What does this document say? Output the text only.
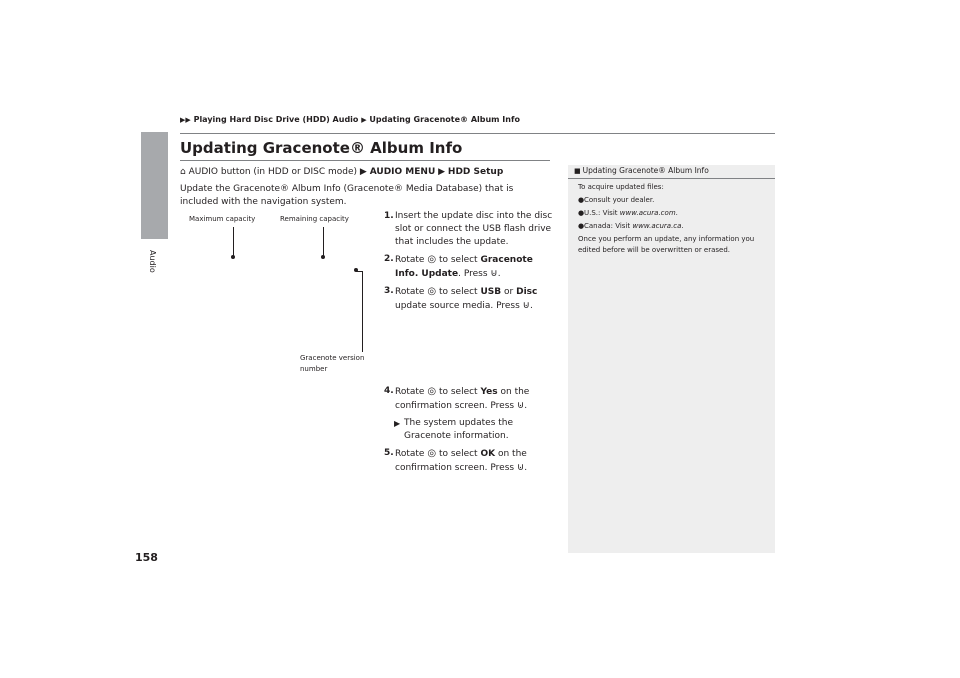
Audio
▶▶ Playing Hard Disc Drive (HDD) Audio ▶ Updating Gracenote® Album Info
Updating Gracenote® Album Info
⌂ AUDIO button (in HDD or DISC mode) ▶ AUDIO MENU ▶ HDD Setup
Update the Gracenote® Album Info (Gracenote® Media Database) that is included with the navigation system.
Maximum capacity	Remaining capacity
Gracenote version number
1. Insert the update disc into the disc slot or connect the USB flash drive that includes the update.
2. Rotate ◎ to select Gracenote Info. Update. Press ⊍.
3. Rotate ◎ to select USB or Disc update source media. Press ⊍.
4. Rotate ◎ to select Yes on the confirmation screen. Press ⊍.
▶ The system updates the Gracenote information.
5. Rotate ◎ to select OK on the confirmation screen. Press ⊍.
■ Updating Gracenote® Album Info

To acquire updated files:

●Consult your dealer.

●U.S.: Visit www.acura.com.

●Canada: Visit www.acura.ca.

Once you perform an update, any information you edited before will be overwritten or erased.

158
